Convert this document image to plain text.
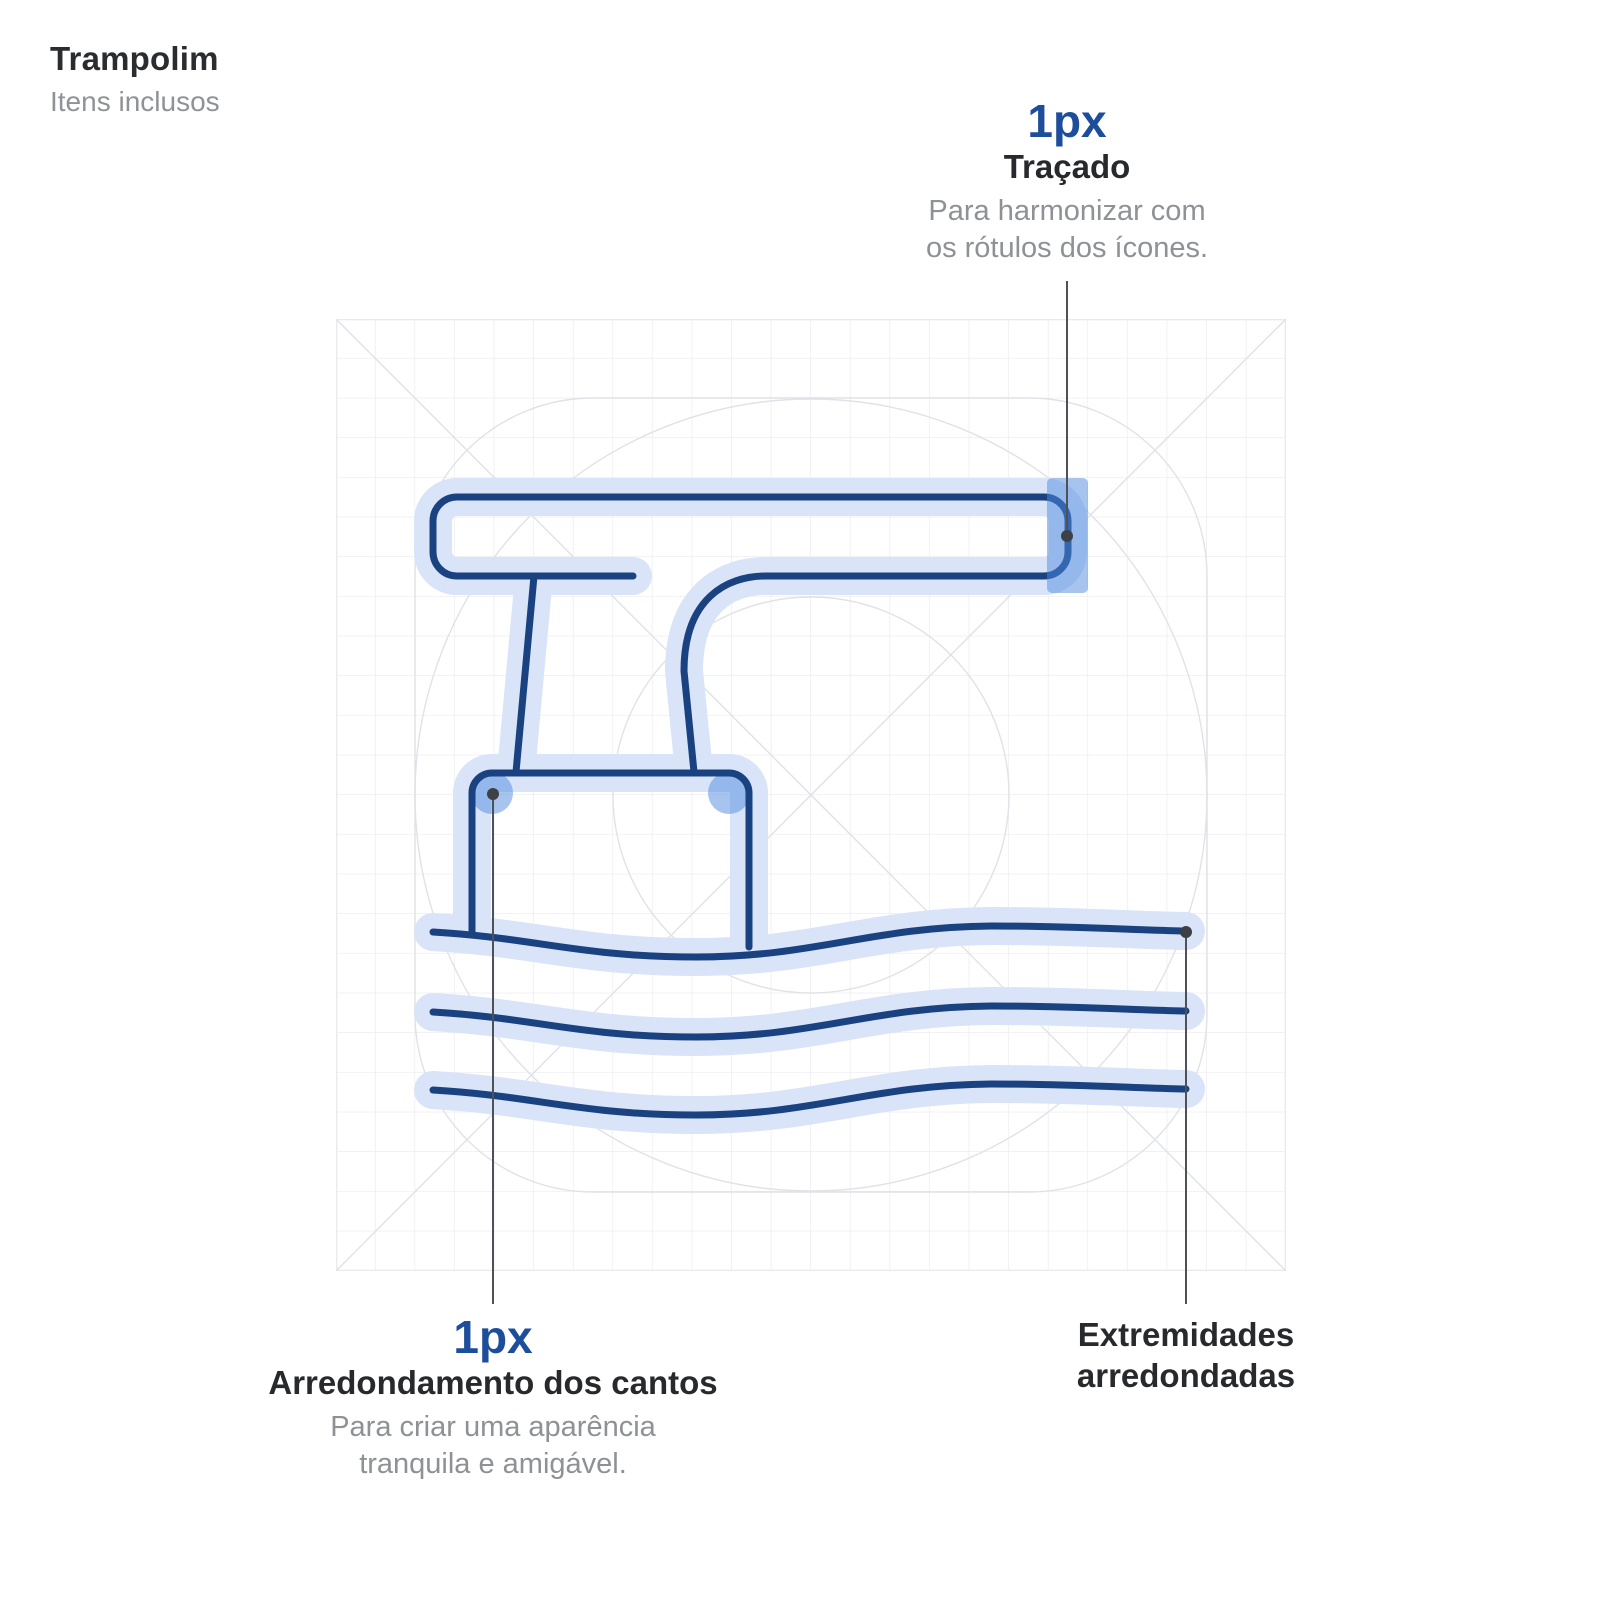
Trampolim
Itens inclusos	1px
Traçado
Para harmonizar com
os rótulos dos ícones.
1px
Arredondamento dos cantos
Para criar uma aparência
tranquila e amigável.
Extremidades
arredondadas
